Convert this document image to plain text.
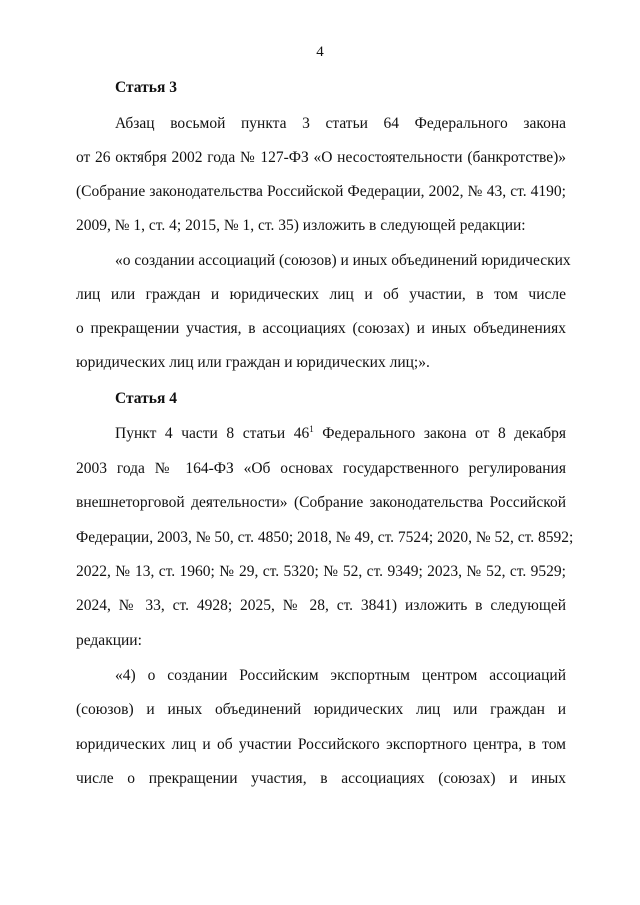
4
Статья 3
Абзац восьмой пункта 3 статьи 64 Федерального закона
от 26 октября 2002 года № 127-ФЗ «О несостоятельности (банкротстве)»
(Собрание законодательства Российской Федерации, 2002, № 43, ст. 4190;
2009, № 1, ст. 4; 2015, № 1, ст. 35) изложить в следующей редакции:
«о создании ассоциаций (союзов) и иных объединений юридических
лиц или граждан и юридических лиц и об участии, в том числе
о прекращении участия, в ассоциациях (союзах) и иных объединениях
юридических лиц или граждан и юридических лиц;».
Статья 4
Пункт 4 части 8 статьи $46^1$ Федерального закона от 8 декабря
2003 года № 164-ФЗ «Об основах государственного регулирования
внешнеторговой деятельности» (Собрание законодательства Российской
Федерации, 2003, № 50, ст. 4850; 2018, № 49, ст. 7524; 2020, № 52, ст. 8592;
2022, № 13, ст. 1960; № 29, ст. 5320; № 52, ст. 9349; 2023, № 52, ст. 9529;
2024, № 33, ст. 4928; 2025, № 28, ст. 3841) изложить в следующей
редакции:
«4) о создании Российским экспортным центром ассоциаций
(союзов) и иных объединений юридических лиц или граждан и
юридических лиц и об участии Российского экспортного центра, в том
числе о прекращении участия, в ассоциациях (союзах) и иных
